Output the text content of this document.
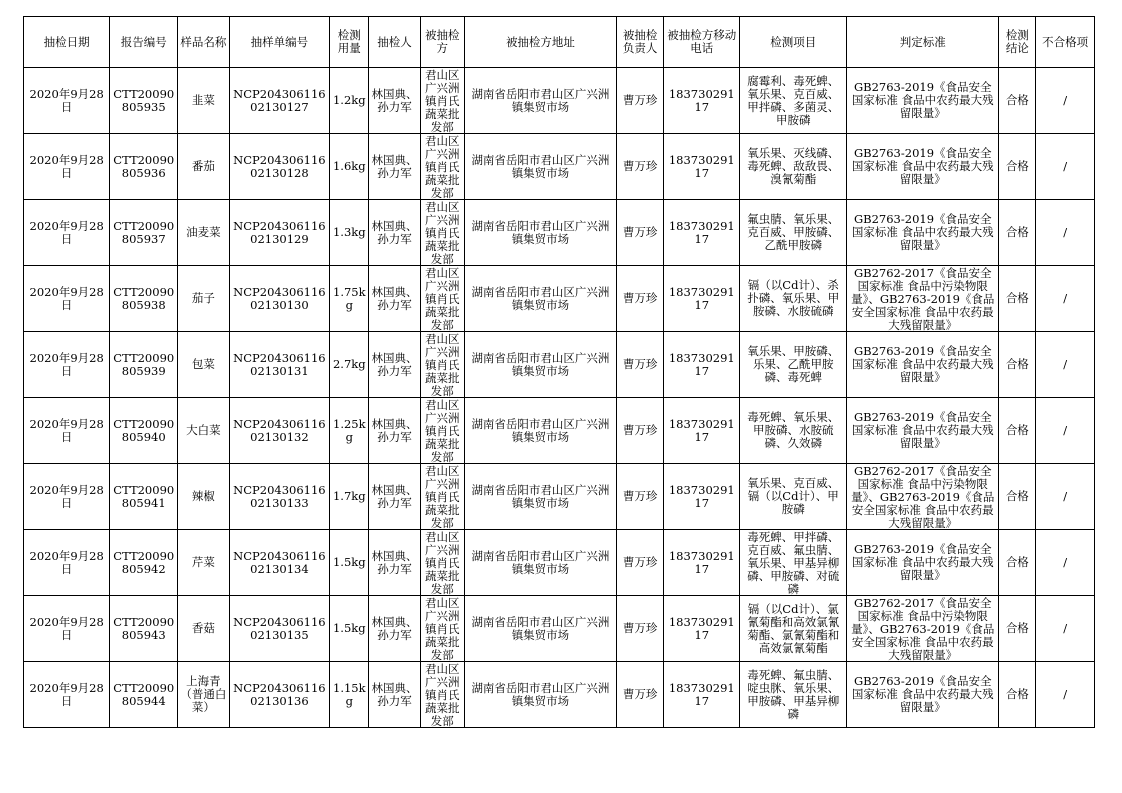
抽检日期	报告编号	样品名称	抽样单编号	检测用量	抽检人	被抽检方	被抽检方地址	被抽检负责人	被抽检方移动电话	检测项目	判定标准	检测结论	不合格项
2020年9月28日	CTT20090805935	韭菜	NCP20430611602130127	1.2kg	林国典、孙力军	君山区广兴洲镇肖氏蔬菜批发部	湖南省岳阳市君山区广兴洲镇集贸市场	曹万珍	18373029117	腐霉利、毒死蜱、氧乐果、克百威、甲拌磷、多菌灵、甲胺磷	GB2763-2019《食品安全国家标准 食品中农药最大残留限量》	合格	/
2020年9月28日	CTT20090805936	番茄	NCP20430611602130128	1.6kg	林国典、孙力军	君山区广兴洲镇肖氏蔬菜批发部	湖南省岳阳市君山区广兴洲镇集贸市场	曹万珍	18373029117	氧乐果、灭线磷、毒死蜱、敌敌畏、溴氰菊酯	GB2763-2019《食品安全国家标准 食品中农药最大残留限量》	合格	/
2020年9月28日	CTT20090805937	油麦菜	NCP20430611602130129	1.3kg	林国典、孙力军	君山区广兴洲镇肖氏蔬菜批发部	湖南省岳阳市君山区广兴洲镇集贸市场	曹万珍	18373029117	氟虫腈、氧乐果、克百威、甲胺磷、乙酰甲胺磷	GB2763-2019《食品安全国家标准 食品中农药最大残留限量》	合格	/
2020年9月28日	CTT20090805938	茄子	NCP20430611602130130	1.75kg	林国典、孙力军	君山区广兴洲镇肖氏蔬菜批发部	湖南省岳阳市君山区广兴洲镇集贸市场	曹万珍	18373029117	镉（以Cd计）、杀扑磷、氧乐果、甲胺磷、水胺硫磷	GB2762-2017《食品安全国家标准 食品中污染物限量》、GB2763-2019《食品安全国家标准 食品中农药最大残留限量》	合格	/
2020年9月28日	CTT20090805939	包菜	NCP20430611602130131	2.7kg	林国典、孙力军	君山区广兴洲镇肖氏蔬菜批发部	湖南省岳阳市君山区广兴洲镇集贸市场	曹万珍	18373029117	氧乐果、甲胺磷、乐果、乙酰甲胺磷、毒死蜱	GB2763-2019《食品安全国家标准 食品中农药最大残留限量》	合格	/
2020年9月28日	CTT20090805940	大白菜	NCP20430611602130132	1.25kg	林国典、孙力军	君山区广兴洲镇肖氏蔬菜批发部	湖南省岳阳市君山区广兴洲镇集贸市场	曹万珍	18373029117	毒死蜱、氧乐果、甲胺磷、水胺硫磷、久效磷	GB2763-2019《食品安全国家标准 食品中农药最大残留限量》	合格	/
2020年9月28日	CTT20090805941	辣椒	NCP20430611602130133	1.7kg	林国典、孙力军	君山区广兴洲镇肖氏蔬菜批发部	湖南省岳阳市君山区广兴洲镇集贸市场	曹万珍	18373029117	氧乐果、克百威、镉（以Cd计）、甲胺磷	GB2762-2017《食品安全国家标准 食品中污染物限量》、GB2763-2019《食品安全国家标准 食品中农药最大残留限量》	合格	/
2020年9月28日	CTT20090805942	芹菜	NCP20430611602130134	1.5kg	林国典、孙力军	君山区广兴洲镇肖氏蔬菜批发部	湖南省岳阳市君山区广兴洲镇集贸市场	曹万珍	18373029117	毒死蜱、甲拌磷、克百威、氟虫腈、氧乐果、甲基异柳磷、甲胺磷、对硫磷	GB2763-2019《食品安全国家标准 食品中农药最大残留限量》	合格	/
2020年9月28日	CTT20090805943	香菇	NCP20430611602130135	1.5kg	林国典、孙力军	君山区广兴洲镇肖氏蔬菜批发部	湖南省岳阳市君山区广兴洲镇集贸市场	曹万珍	18373029117	镉（以Cd计）、氯氰菊酯和高效氯氰菊酯、氯氰菊酯和高效氯氰菊酯	GB2762-2017《食品安全国家标准 食品中污染物限量》、GB2763-2019《食品安全国家标准 食品中农药最大残留限量》	合格	/
2020年9月28日	CTT20090805944	上海青（普通白菜）	NCP20430611602130136	1.15kg	林国典、孙力军	君山区广兴洲镇肖氏蔬菜批发部	湖南省岳阳市君山区广兴洲镇集贸市场	曹万珍	18373029117	毒死蜱、氟虫腈、啶虫脒、氧乐果、甲胺磷、甲基异柳磷	GB2763-2019《食品安全国家标准 食品中农药最大残留限量》	合格	/
